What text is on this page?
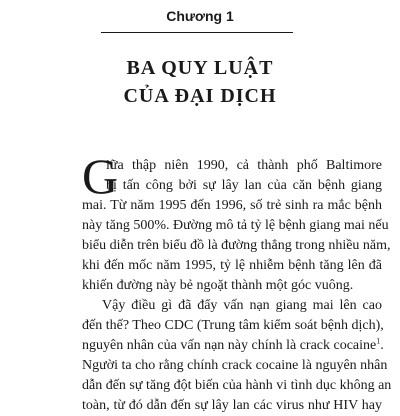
Chương 1
BA QUY LUẬT
CỦA ĐẠI DỊCH
G
iữa thập niên 1990, cả thành phố Baltimore
bị tấn công bởi sự lây lan của căn bệnh giang
mai. Từ năm 1995 đến 1996, số trẻ sinh ra mắc bệnh
này tăng 500%. Đường mô tả tỷ lệ bệnh giang mai nếu
biểu diễn trên biểu đồ là đường thẳng trong nhiều năm,
khi đến mốc năm 1995, tỷ lệ nhiễm bệnh tăng lên đã
khiến đường này bẻ ngoặt thành một góc vuông.
Vậy điều gì đã đẩy vấn nạn giang mai lên cao
đến thế? Theo CDC (Trung tâm kiểm soát bệnh dịch),
nguyên nhân của vấn nạn này chính là crack cocaine$^1$.
Người ta cho rằng chính crack cocaine là nguyên nhân
dẫn đến sự tăng đột biến của hành vi tình dục không an
toàn, từ đó dẫn đến sự lây lan các virus như HIV hay
